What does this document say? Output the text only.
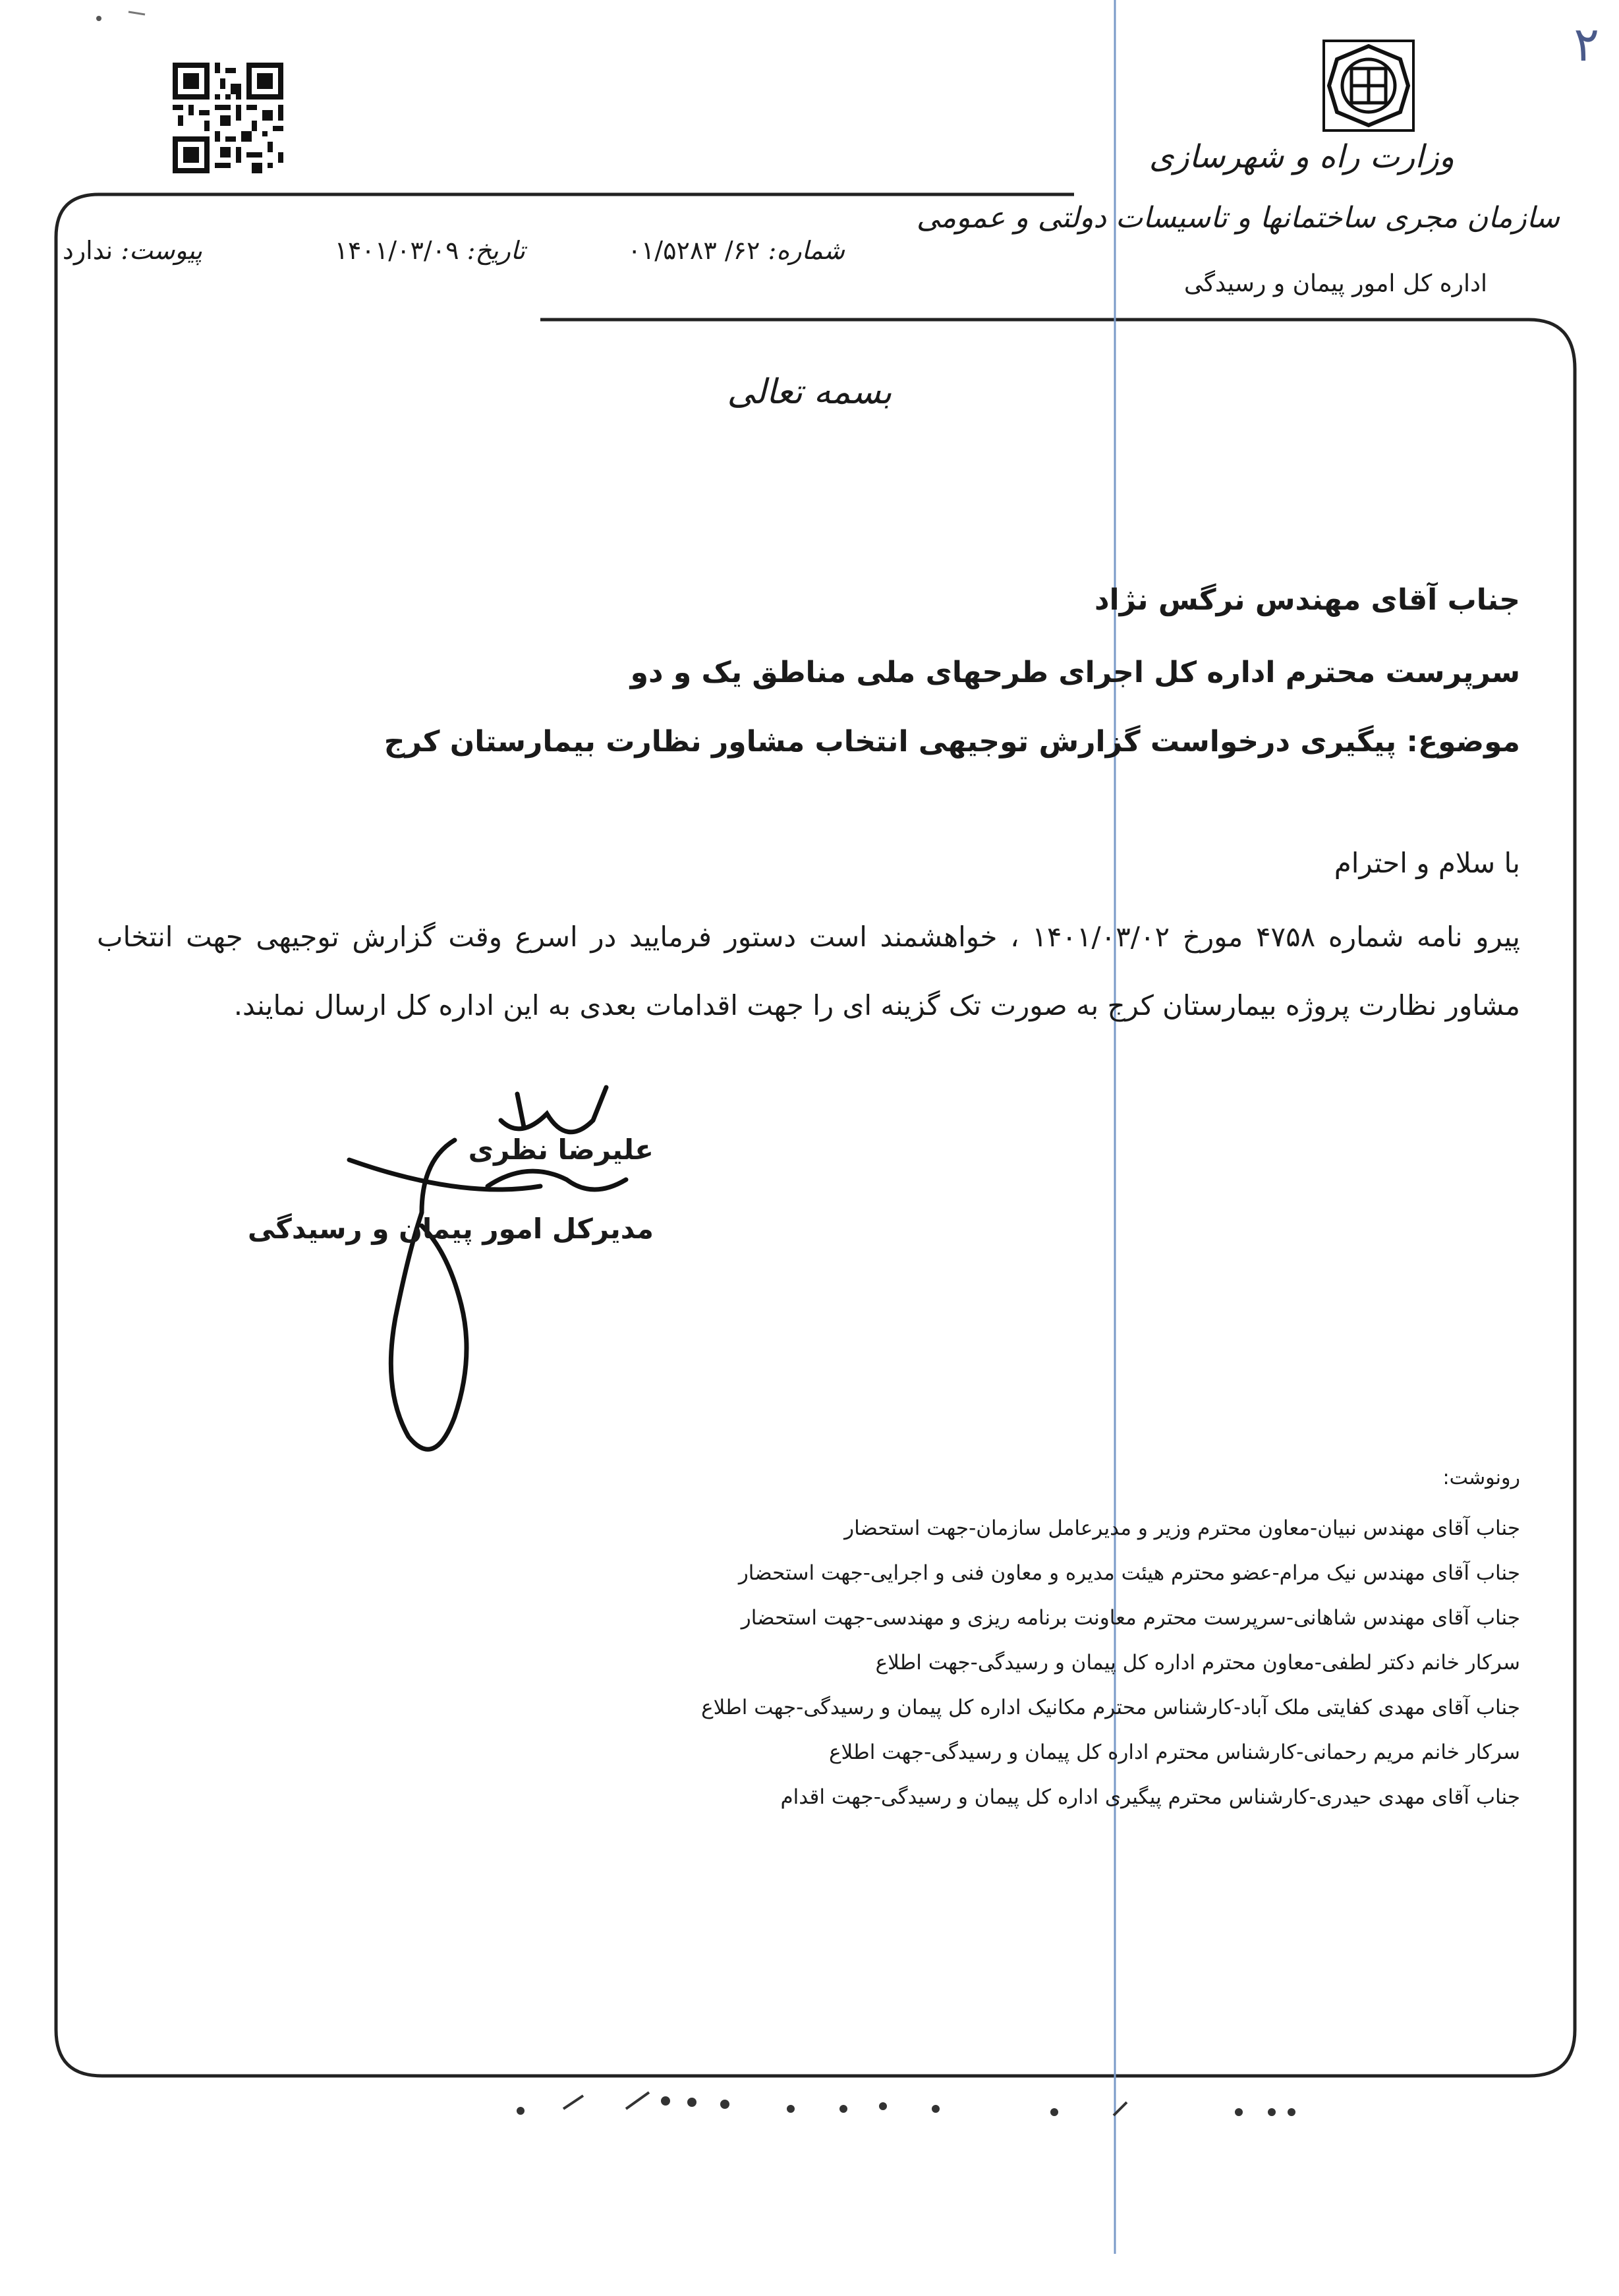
۲
وزارت راه و شهرسازی
سازمان مجری ساختمانها و تاسیسات دولتی و عمومی
اداره کل امور پیمان و رسیدگی
شماره: ۶۲/ ۰۱/۵۲۸۳
تاریخ: ۱۴۰۱/۰۳/۰۹
پیوست: ندارد
بسمه تعالی
جناب آقای مهندس نرگس نژاد
سرپرست محترم اداره کل اجرای طرحهای ملی مناطق یک و دو
موضوع: پیگیری درخواست گزارش توجیهی انتخاب مشاور نظارت بیمارستان کرج
با سلام و احترام
پیرو نامه شماره ۴۷۵۸ مورخ ۱۴۰۱/۰۳/۰۲ ، خواهشمند است دستور فرمایید در اسرع وقت گزارش توجیهی جهت انتخاب مشاور نظارت پروژه بیمارستان کرج به صورت تک گزینه ای را جهت اقدامات بعدی به این اداره کل ارسال نمایند.
علیرضا نظری
مدیرکل امور پیمان و رسیدگی
رونوشت:
جناب آقای مهندس نبیان-معاون محترم وزیر و مدیرعامل سازمان-جهت استحضار
جناب آقای مهندس نیک مرام-عضو محترم هیئت مدیره و معاون فنی و اجرایی-جهت استحضار
جناب آقای مهندس شاهانی-سرپرست محترم معاونت برنامه ریزی و مهندسی-جهت استحضار
سرکار خانم دکتر لطفی-معاون محترم اداره کل پیمان و رسیدگی-جهت اطلاع
جناب آقای مهدی کفایتی ملک آباد-کارشناس محترم مکانیک اداره کل پیمان و رسیدگی-جهت اطلاع
سرکار خانم مریم رحمانی-کارشناس محترم اداره کل پیمان و رسیدگی-جهت اطلاع
جناب آقای مهدی حیدری-کارشناس محترم پیگیری اداره کل پیمان و رسیدگی-جهت اقدام
